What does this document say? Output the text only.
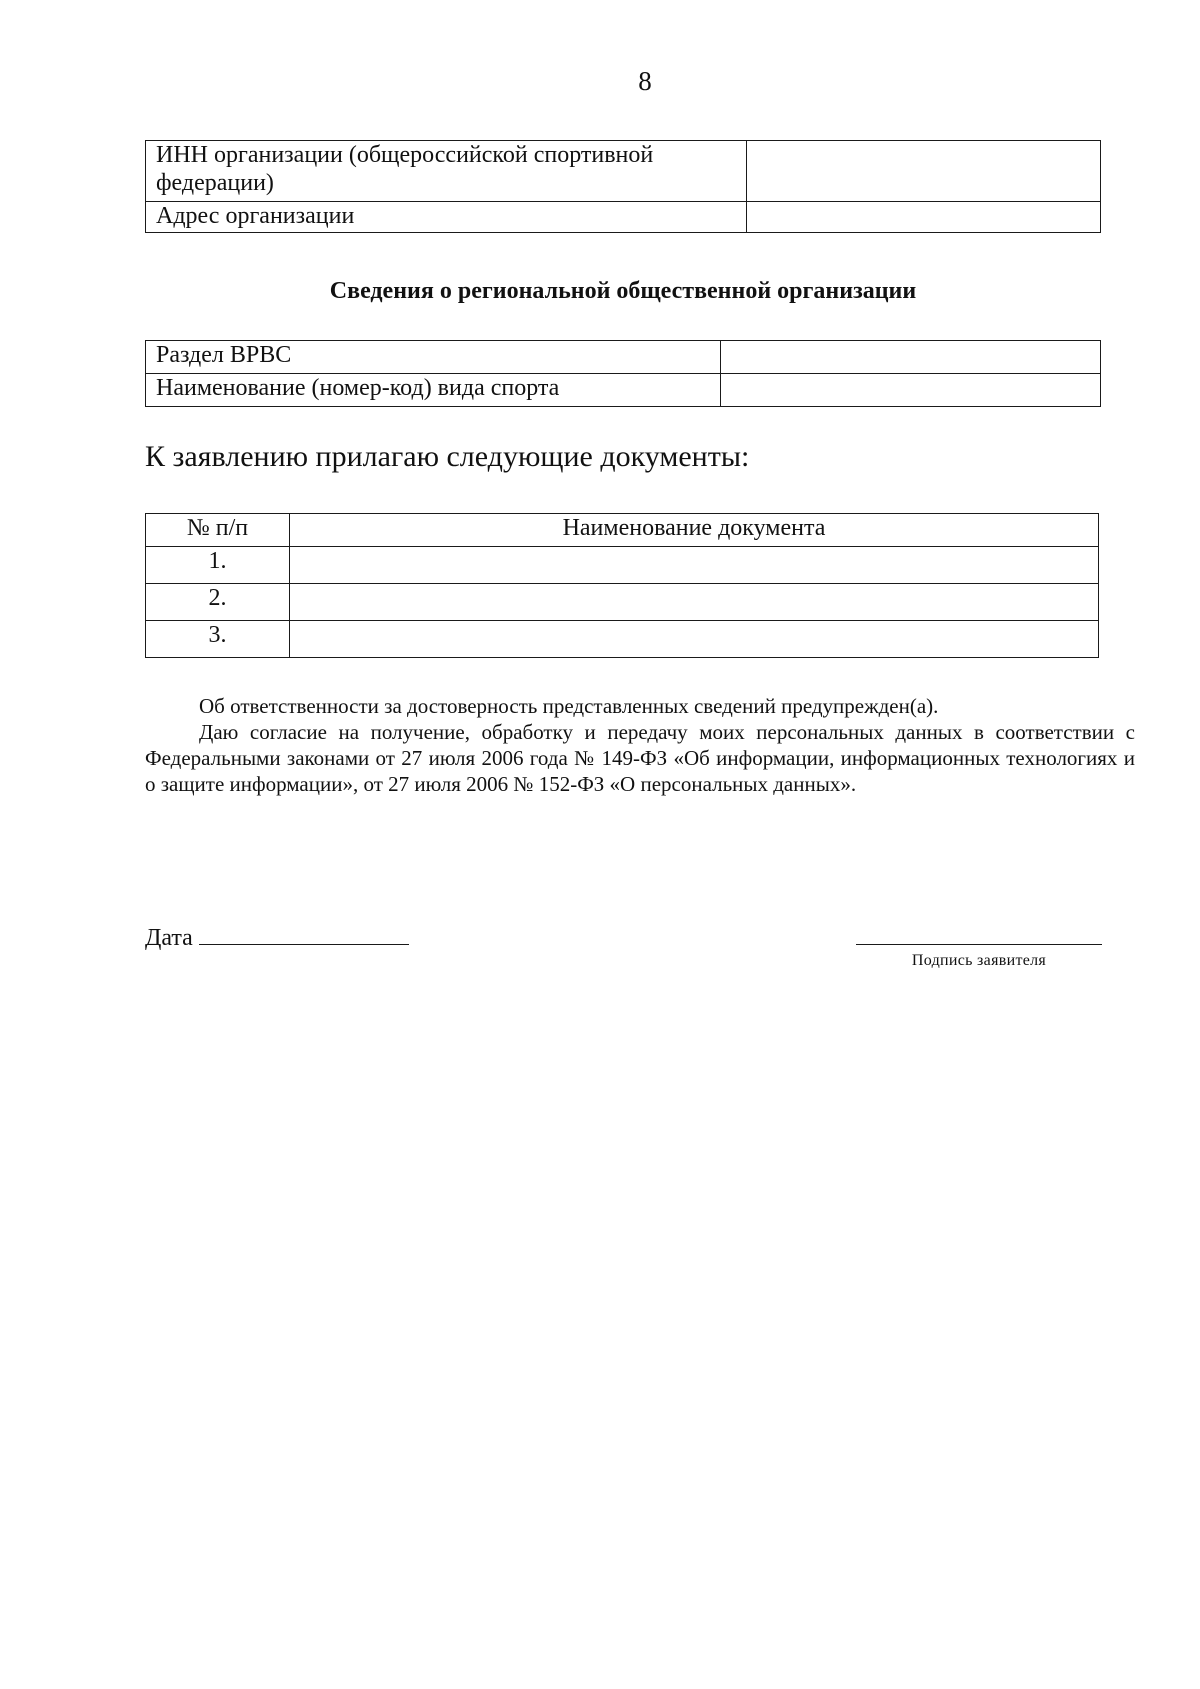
8
ИНН организации (общероссийской спортивной федерации)	
Адрес организации	
Сведения о региональной общественной организации
Раздел ВРВС	
Наименование (номер-код) вида спорта	
К заявлению прилагаю следующие документы:
№ п/п	Наименование документа
1.	
2.	
3.	
Об ответственности за достоверность представленных сведений предупрежден(а).
Даю согласие на получение, обработку и передачу моих персональных данных в соответствии с Федеральными законами от 27 июля 2006 года № 149-ФЗ «Об информации, информационных технологиях и о защите информации», от 27 июля 2006 № 152-ФЗ «О персональных данных».
Дата
Подпись заявителя
